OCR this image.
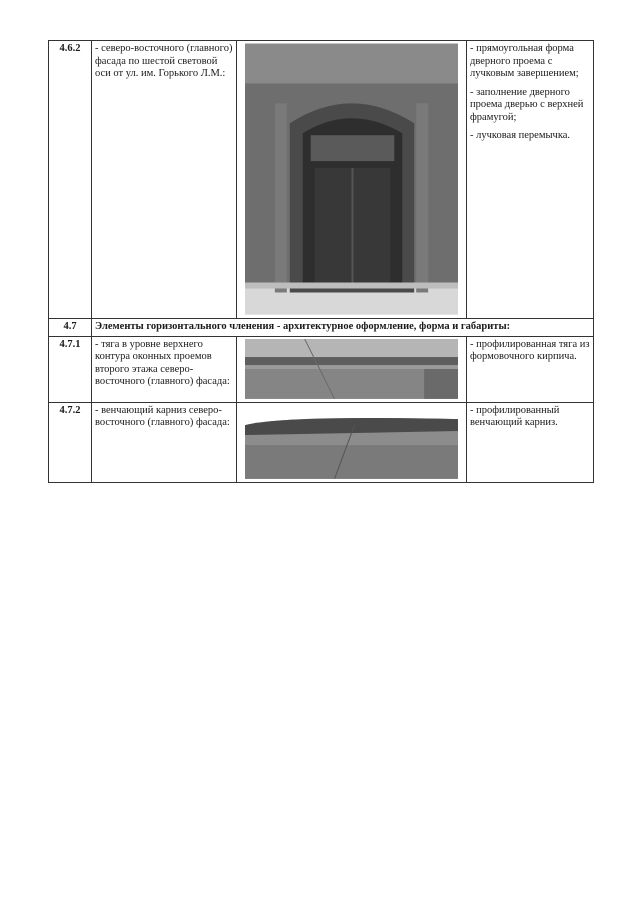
4.6.2	- северо-восточного (главного) фасада по шестой световой оси от ул. им. Горького Л.М.:		- прямоугольная форма дверного проема с лучковым завершением;

- заполнение дверного проема дверью с верхней фрамугой;

- лучковая перемычка.

4.7	Элементы горизонтального членения - архитектурное оформление, форма и габариты:		
4.7.1	- тяга в уровне верхнего контура оконных проемов второго этажа северо-восточного (главного) фасада:		- профилированная тяга из формовочного кирпича.

4.7.2	- венчающий карниз северо-восточного (главного) фасада:		- профилированный венчающий карниз.
